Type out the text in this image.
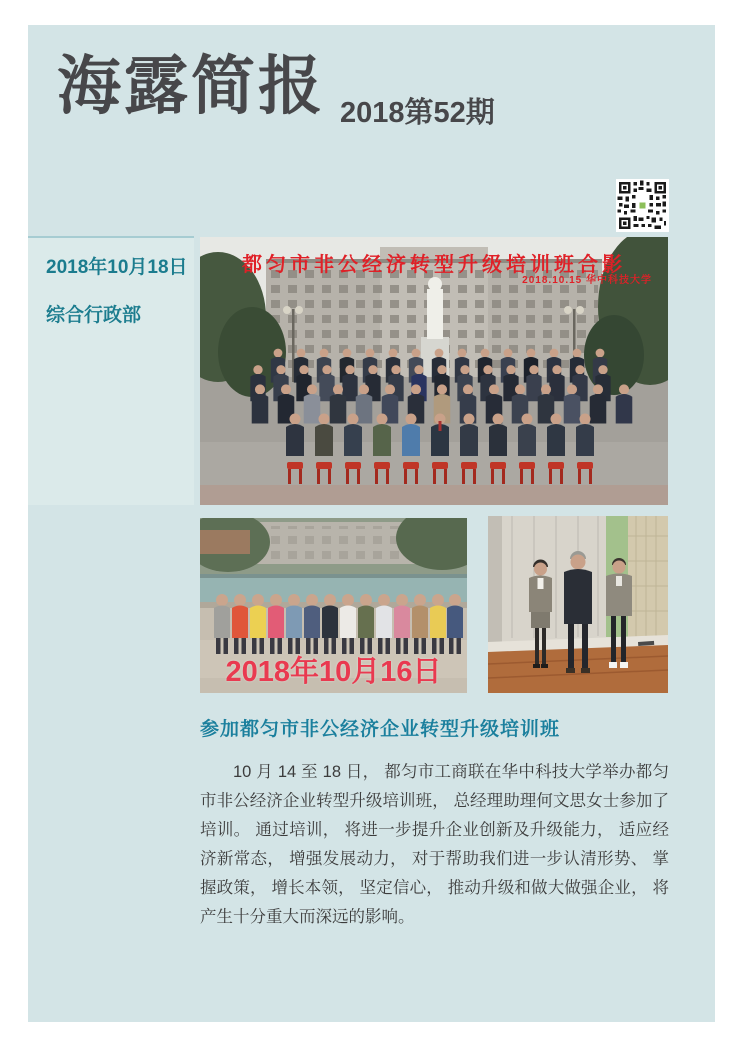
海露简报 2018第52期
2018年10月18日
综合行政部
都匀市非公经济转型升级培训班合影
2018.10.15 华中科技大学
2018年10月16日
参加都匀市非公经济企业转型升级培训班
10 月 14 至 18 日， 都匀市工商联在华中科技大学举办都匀市非公经济企业转型升级培训班， 总经理助理何文思女士参加了培训。 通过培训， 将进一步提升企业创新及升级能力， 适应经济新常态， 增强发展动力， 对于帮助我们进一步认清形势、 掌握政策， 增长本领， 坚定信心， 推动升级和做大做强企业， 将产生十分重大而深远的影响。
